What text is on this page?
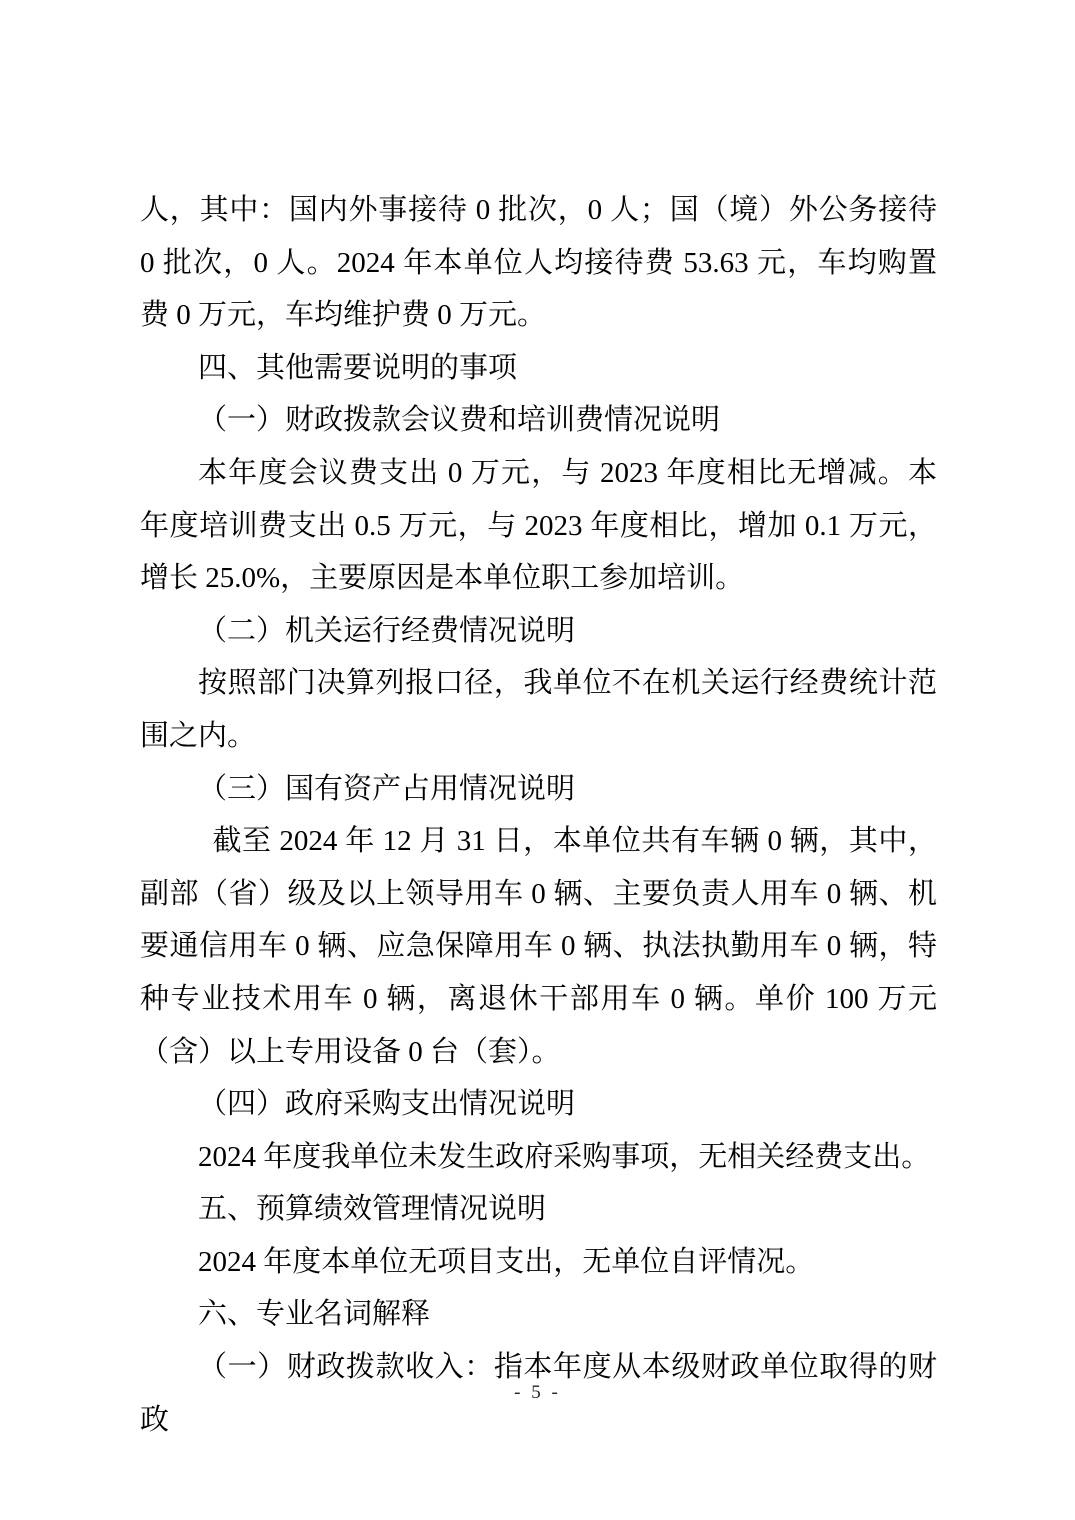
人，其中：国内外事接待 0 批次，0 人；国（境）外公务接待 0 批次，0 人。2024 年本单位人均接待费 53.63 元，车均购置费 0 万元，车均维护费 0 万元。

四、其他需要说明的事项

（一）财政拨款会议费和培训费情况说明

本年度会议费支出 0 万元，与 2023 年度相比无增减。本年度培训费支出 0.5 万元，与 2023 年度相比，增加 0.1 万元，增长 25.0%，主要原因是本单位职工参加培训。

（二）机关运行经费情况说明

按照部门决算列报口径，我单位不在机关运行经费统计范围之内。

（三）国有资产占用情况说明

截至 2024 年 12 月 31 日，本单位共有车辆 0 辆，其中，副部（省）级及以上领导用车 0 辆、主要负责人用车 0 辆、机要通信用车 0 辆、应急保障用车 0 辆、执法执勤用车 0 辆，特种专业技术用车 0 辆，离退休干部用车 0 辆。单价 100 万元（含）以上专用设备 0 台（套）。

（四）政府采购支出情况说明

2024 年度我单位未发生政府采购事项，无相关经费支出。

五、预算绩效管理情况说明

2024 年度本单位无项目支出，无单位自评情况。

六、专业名词解释

（一）财政拨款收入：指本年度从本级财政单位取得的财政

- 5 -
